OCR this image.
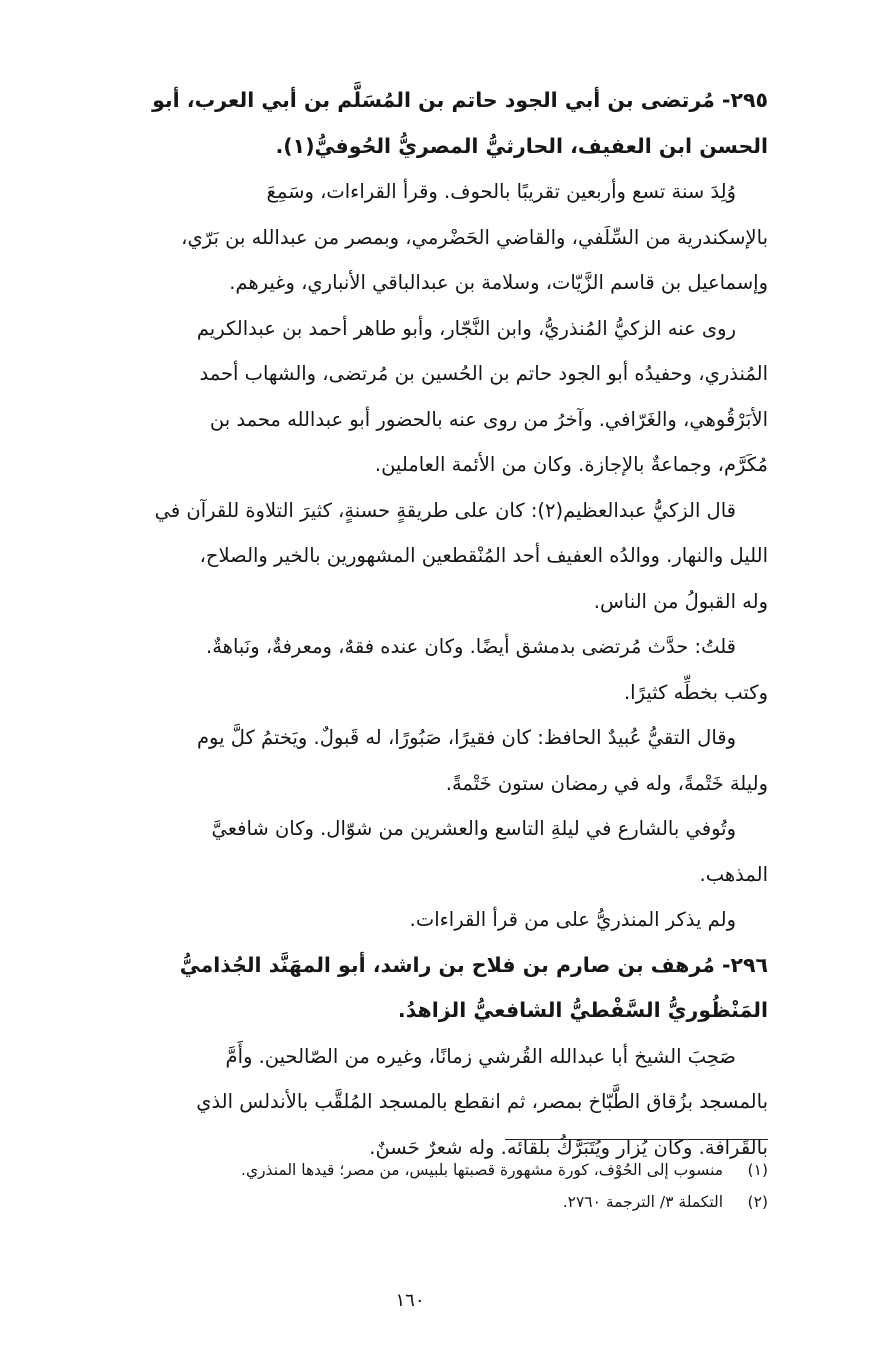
٢٩٥- مُرتضى بن أبي الجود حاتم بن المُسَلَّم بن أبي العرب، أبو
الحسن ابن العفيف، الحارثيُّ المصريُّ الحُوفيُّ(١).
وُلِدَ سنة تسع وأربعين تقريبًا بالحوف. وقرأ القراءات، وسَمِعَ
بالإسكندرية من السِّلَفي، والقاضي الحَضْرمي، وبمصر من عبدالله بن بَرّي،
وإسماعيل بن قاسم الزَّيّات، وسلامة بن عبدالباقي الأنباري، وغيرهم.
روى عنه الزكيُّ المُنذريُّ، وابن النَّجّار، وأبو طاهر أحمد بن عبدالكريم
المُنذري، وحفيدُه أبو الجود حاتم بن الحُسين بن مُرتضى، والشهاب أحمد
الأبَرْقُوهي، والغَرّافي. وآخرُ من روى عنه بالحضور أبو عبدالله محمد بن
مُكَرَّم، وجماعةٌ بالإجازة. وكان من الأئمة العاملين.
قال الزكيُّ عبدالعظيم(٢): كان على طريقةٍ حسنةٍ، كثيرَ التلاوة للقرآن في
الليل والنهار. ووالدُه العفيف أحد المُنْقطعين المشهورين بالخير والصلاح،
وله القبولُ من الناس.
قلتُ: حدَّث مُرتضى بدمشق أيضًا. وكان عنده فقهٌ، ومعرفةٌ، ونَباهةٌ.
وكتب بخطِّه كثيرًا.
وقال التقيُّ عُبيدٌ الحافظ: كان فقيرًا، صَبُورًا، له قَبولٌ. ويَختمُ كلَّ يوم
وليلة خَتْمةً، وله في رمضان ستون خَتْمةً.
وتُوفي بالشارع في ليلةِ التاسع والعشرين من شوّال. وكان شافعيَّ
المذهب.
ولم يذكر المنذريُّ على من قرأ القراءات.
٢٩٦- مُرهف بن صارم بن فلاح بن راشد، أبو المهَنَّد الجُذاميُّ
المَنْظُوريُّ السَّفْطيُّ الشافعيُّ الزاهدُ.
صَحِبَ الشيخ أبا عبدالله القُرشي زمانًا، وغيره من الصّالحين. وأَمَّ
بالمسجد بزُقاق الطَّبّاخ بمصر، ثم انقطع بالمسجد المُلقَّب بالأندلس الذي
بالقَرافة. وكان يُزار ويُتَبَرَّكُ بلقائه. وله شعرٌ حَسنٌ.
(١) منسوب إلى الحُوْف، كورة مشهورة قصبتها بلبيس، من مصر؛ قيدها المنذري.
(٢) التكملة ٣/ الترجمة ٢٧٦٠.
١٦٠
